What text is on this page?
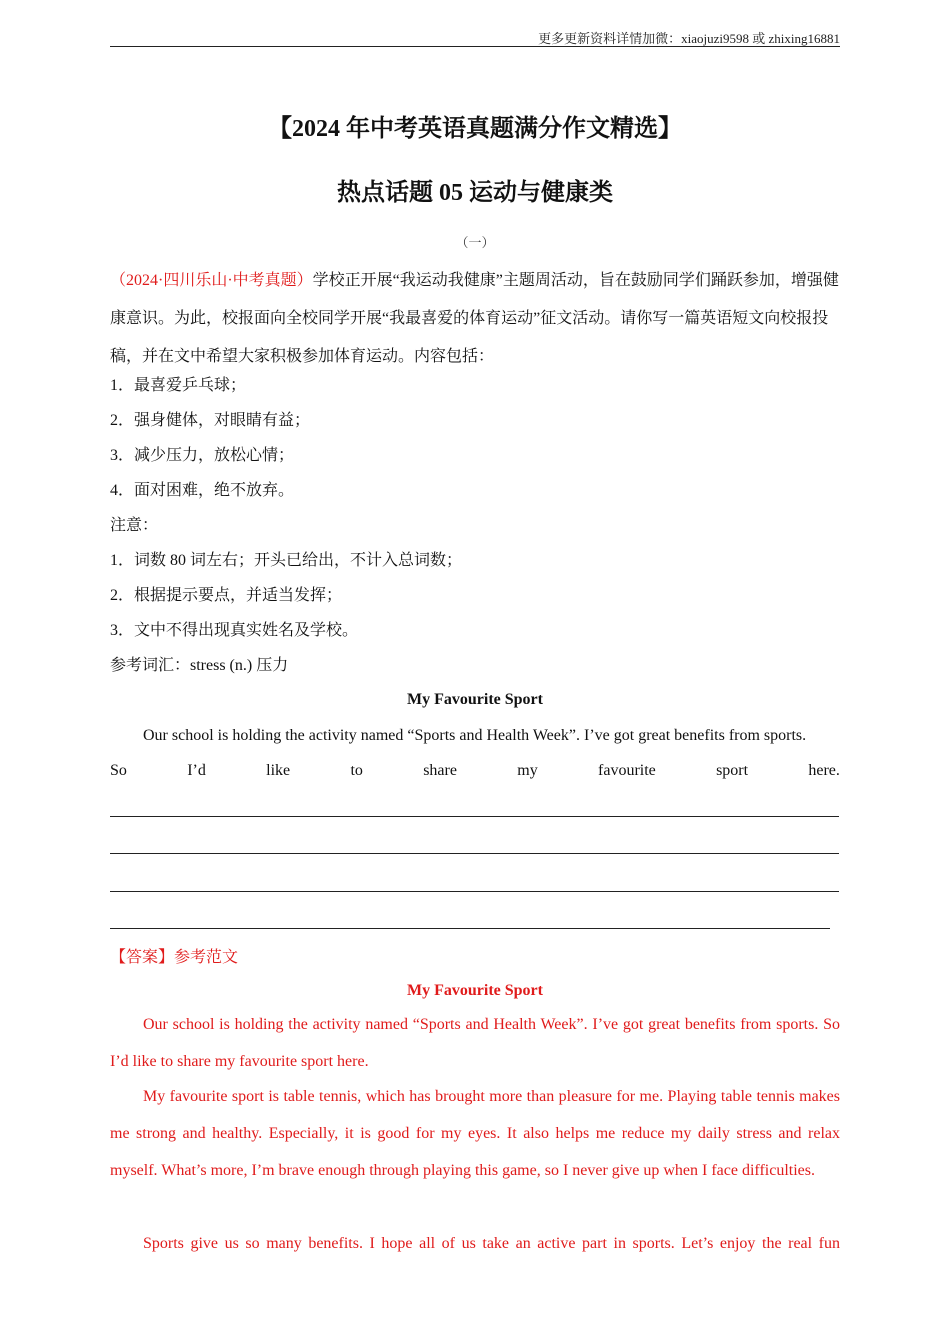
更多更新资料详情加微：xiaojuzi9598 或 zhixing16881
【2024 年中考英语真题满分作文精选】
热点话题 05 运动与健康类
（一）
（2024·四川乐山·中考真题）学校正开展“我运动我健康”主题周活动，旨在鼓励同学们踊跃参加，增强健康意识。为此，校报面向全校同学开展“我最喜爱的体育运动”征文活动。请你写一篇英语短文向校报投稿，并在文中希望大家积极参加体育运动。内容包括：
1．最喜爱乒乓球；
2．强身健体，对眼睛有益；
3．减少压力，放松心情；
4．面对困难，绝不放弃。
注意：
1．词数 80 词左右；开头已给出，不计入总词数；
2．根据提示要点，并适当发挥；
3．文中不得出现真实姓名及学校。
参考词汇：stress (n.) 压力
My Favourite Sport
Our school is holding the activity named “Sports and Health Week”. I’ve got great benefits from sports.
So	I’d	like	to	share	my	favourite	sport	here.
【答案】参考范文
My Favourite Sport
Our school is holding the activity named “Sports and Health Week”. I’ve got great benefits from sports. So I’d like to share my favourite sport here.
My favourite sport is table tennis, which has brought more than pleasure for me. Playing table tennis makes me strong and healthy. Especially, it is good for my eyes. It also helps me reduce my daily stress and relax myself. What’s more, I’m brave enough through playing this game, so I never give up when I face difficulties.
Sports give us so many benefits. I hope all of us take an active part in sports. Let’s enjoy the real fun
